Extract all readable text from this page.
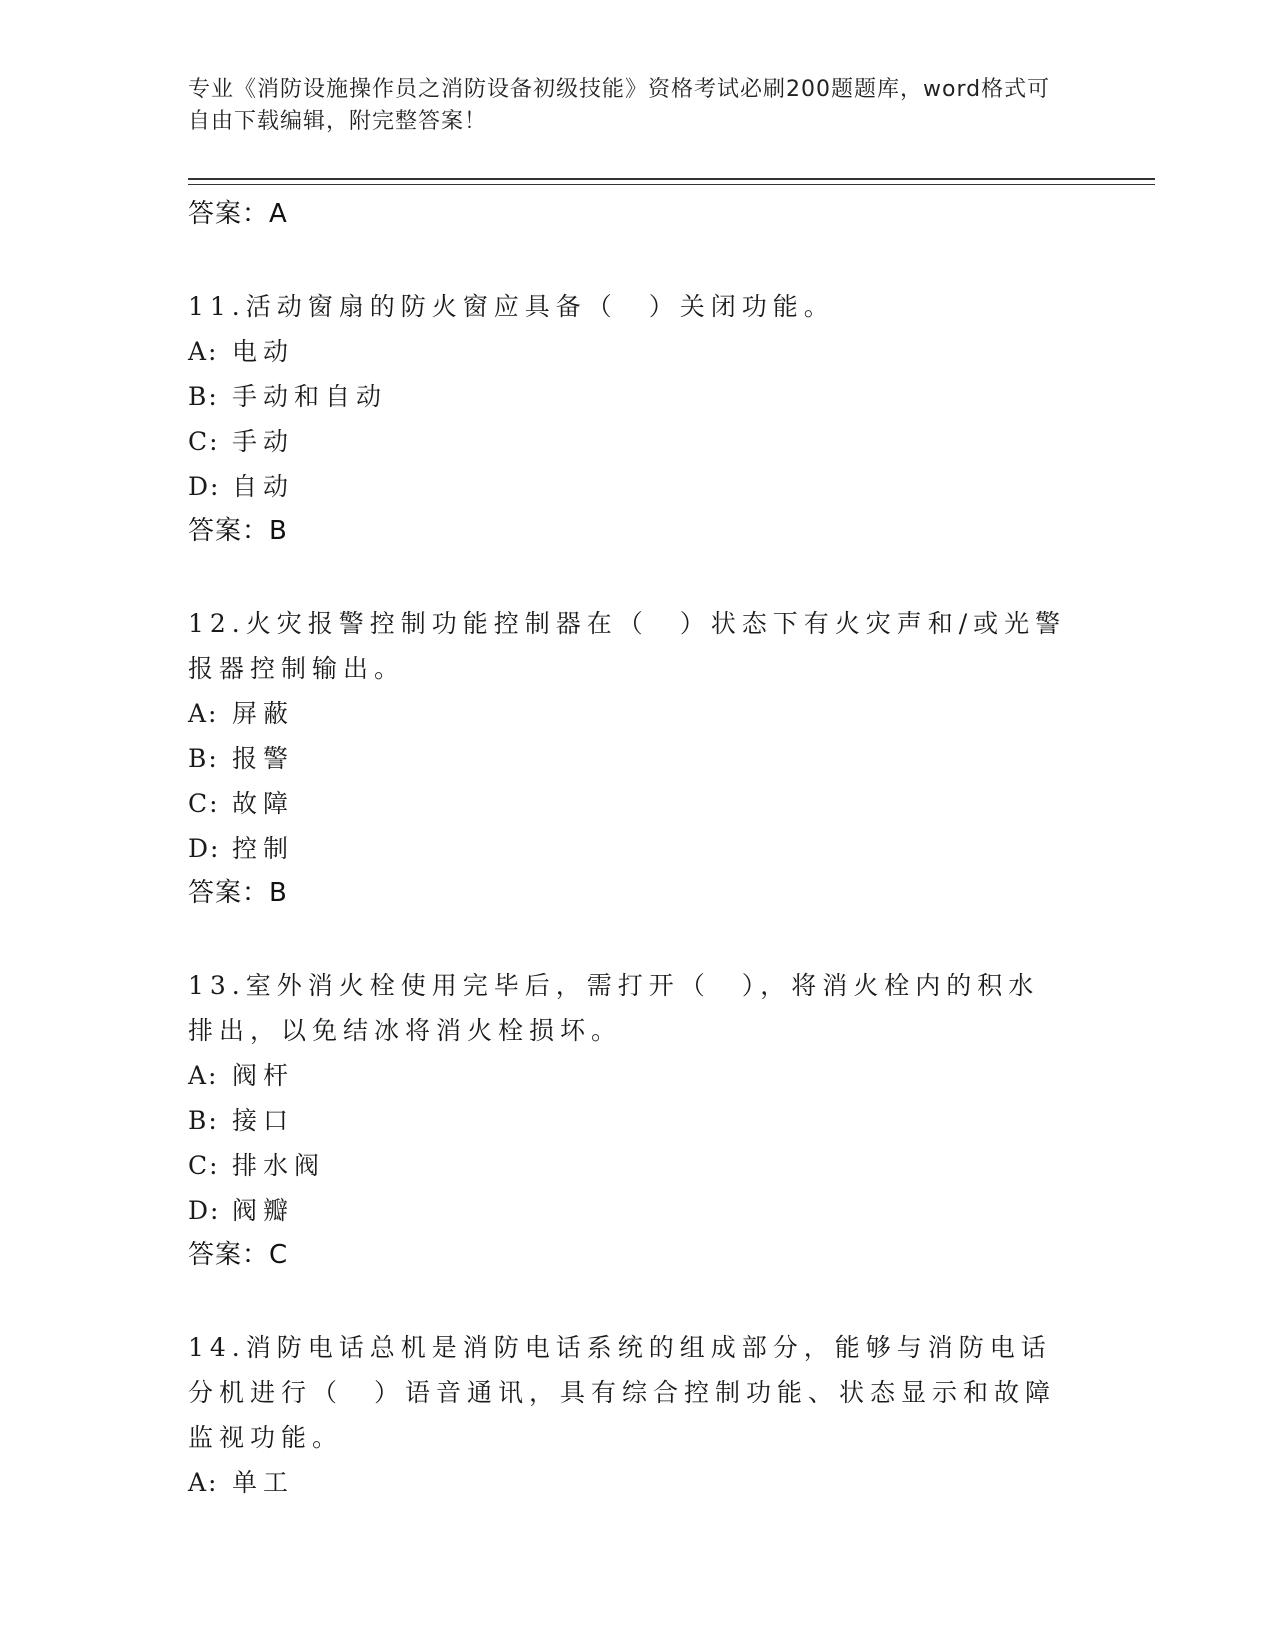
专业《消防设施操作员之消防设备初级技能》资格考试必刷200题题库，word格式可自由下载编辑，附完整答案！
答案：A
11.活动窗扇的防火窗应具备（　）关闭功能。
A: 电动
B: 手动和自动
C: 手动
D: 自动
答案：B
12.火灾报警控制功能控制器在（　）状态下有火灾声和/或光警报器控制输出。
A: 屏蔽
B: 报警
C: 故障
D: 控制
答案：B
13.室外消火栓使用完毕后，需打开（　），将消火栓内的积水排出，以免结冰将消火栓损坏。
A: 阀杆
B: 接口
C: 排水阀
D: 阀瓣
答案：C
14.消防电话总机是消防电话系统的组成部分，能够与消防电话分机进行（　）语音通讯，具有综合控制功能、状态显示和故障监视功能。
A: 单工
